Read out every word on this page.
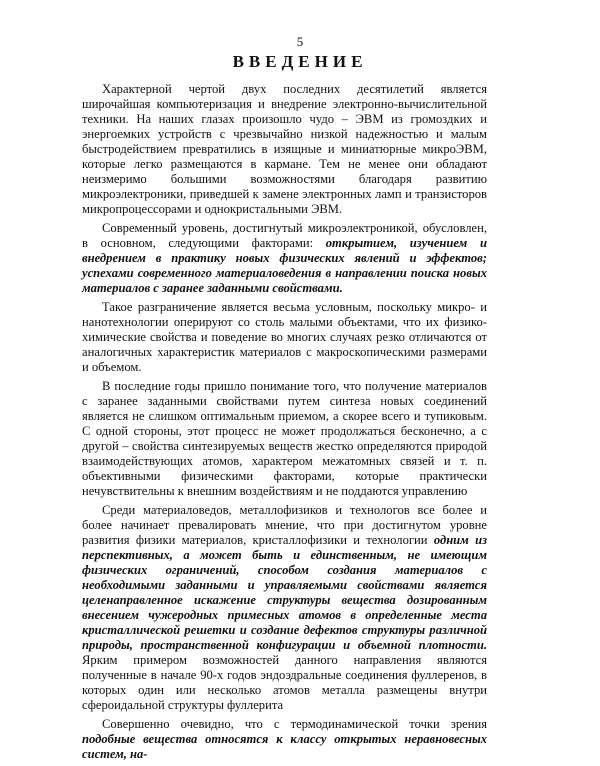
5
ВВЕДЕНИЕ

Характерной чертой двух последних десятилетий является широчайшая компьютеризация и внедрение электронно-вычислительной техники. На наших глазах произошло чудо – ЭВМ из громоздких и энергоемких устройств с чрезвычайно низкой надежностью и малым быстродействием превратились в изящные и миниатюрные микроЭВМ, которые легко размещаются в кармане. Тем не менее они обладают неизмеримо большими возможностями благодаря развитию микроэлектроники, приведшей к замене электронных ламп и транзисторов микропроцессорами и однокристальными ЭВМ.

Современный уровень, достигнутый микроэлектроникой, обусловлен, в основном, следующими факторами: открытием, изучением и внедрением в практику новых физических явлений и эффектов; успехами современного материаловедения в направлении поиска новых материалов с заранее заданными свойствами.

Такое разграничение является весьма условным, поскольку микро- и нанотехнологии оперируют со столь малыми объектами, что их физико-химические свойства и поведение во многих случаях резко отличаются от аналогичных характеристик материалов с макроскопическими размерами и объемом.

В последние годы пришло понимание того, что получение материалов с заранее заданными свойствами путем синтеза новых соединений является не слишком оптимальным приемом, а скорее всего и тупиковым. С одной стороны, этот процесс не может продолжаться бесконечно, а с другой – свойства синтезируемых веществ жестко определяются природой взаимодействующих атомов, характером межатомных связей и т. п. объективными физическими факторами, которые практически нечувствительны к внешним воздействиям и не поддаются управлению

Среди материаловедов, металлофизиков и технологов все более и более начинает превалировать мнение, что при достигнутом уровне развития физики материалов, кристаллофизики и технологии одним из перспективных, а может быть и единственным, не имеющим физических ограничений, способом создания материалов с необходимыми заданными и управляемыми свойствами является целенаправленное искажение структуры вещества дозированным внесением чужеродных примесных атомов в определенные места кристаллической решетки и создание дефектов структуры различной природы, пространственной конфигурации и объемной плотности. Ярким примером возможностей данного направления являются полученные в начале 90-х годов эндоэдральные соединения фуллеренов, в которых один или несколько атомов металла размещены внутри сфероидальной структуры фуллерита

Совершенно очевидно, что с термодинамической точки зрения подобные вещества относятся к классу открытых неравновесных систем, на-
